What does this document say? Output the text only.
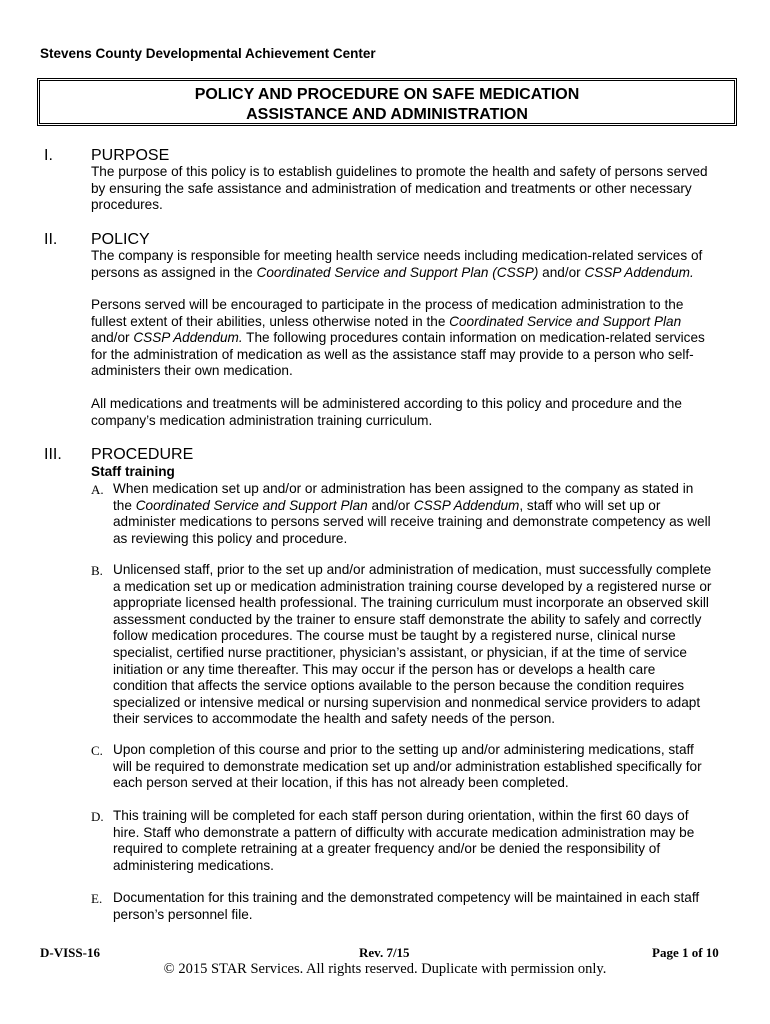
Stevens County Developmental Achievement Center
POLICY AND PROCEDURE ON SAFE MEDICATION
ASSISTANCE AND ADMINISTRATION
I. PURPOSE
The purpose of this policy is to establish guidelines to promote the health and safety of persons served
by ensuring the safe assistance and administration of medication and treatments or other necessary
procedures.
II. POLICY
The company is responsible for meeting health service needs including medication-related services of
persons as assigned in the Coordinated Service and Support Plan (CSSP) and/or CSSP Addendum.
Persons served will be encouraged to participate in the process of medication administration to the
fullest extent of their abilities, unless otherwise noted in the Coordinated Service and Support Plan
and/or CSSP Addendum. The following procedures contain information on medication-related services
for the administration of medication as well as the assistance staff may provide to a person who self-
administers their own medication.
All medications and treatments will be administered according to this policy and procedure and the
company’s medication administration training curriculum.
III. PROCEDURE
Staff training
A. When medication set up and/or or administration has been assigned to the company as stated in
the Coordinated Service and Support Plan and/or CSSP Addendum, staff who will set up or
administer medications to persons served will receive training and demonstrate competency as well
as reviewing this policy and procedure.
B. Unlicensed staff, prior to the set up and/or administration of medication, must successfully complete
a medication set up or medication administration training course developed by a registered nurse or
appropriate licensed health professional. The training curriculum must incorporate an observed skill
assessment conducted by the trainer to ensure staff demonstrate the ability to safely and correctly
follow medication procedures. The course must be taught by a registered nurse, clinical nurse
specialist, certified nurse practitioner, physician’s assistant, or physician, if at the time of service
initiation or any time thereafter. This may occur if the person has or develops a health care
condition that affects the service options available to the person because the condition requires
specialized or intensive medical or nursing supervision and nonmedical service providers to adapt
their services to accommodate the health and safety needs of the person.
C. Upon completion of this course and prior to the setting up and/or administering medications, staff
will be required to demonstrate medication set up and/or administration established specifically for
each person served at their location, if this has not already been completed.
D. This training will be completed for each staff person during orientation, within the first 60 days of
hire. Staff who demonstrate a pattern of difficulty with accurate medication administration may be
required to complete retraining at a greater frequency and/or be denied the responsibility of
administering medications.
E. Documentation for this training and the demonstrated competency will be maintained in each staff
person’s personnel file.
D-VISS-16	Rev. 7/15	Page 1 of 10
© 2015 STAR Services. All rights reserved. Duplicate with permission only.
